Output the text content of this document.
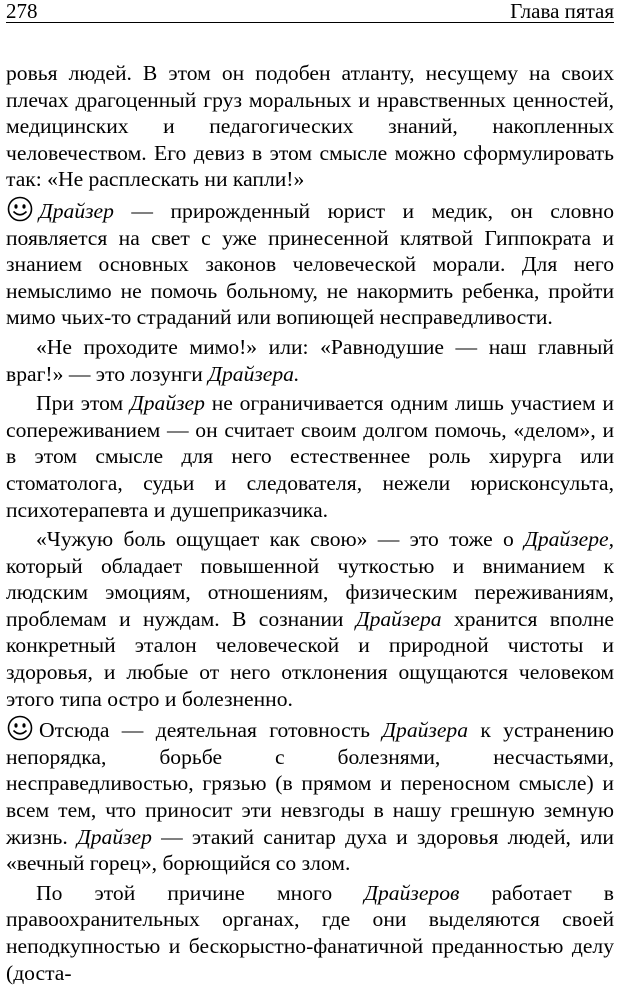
278	Глава пятая

ровья людей. В этом он подобен атланту, несущему на своих плечах драгоценный груз моральных и нравственных ценностей, медицинских и педагогических знаний, накопленных человечеством. Его девиз в этом смысле можно сформулировать так: «Не расплескать ни капли!»

Драйзер — прирожденный юрист и медик, он словно появляется на свет с уже принесенной клятвой Гиппократа и знанием основных законов человеческой морали. Для него немыслимо не помочь больному, не накормить ребенка, пройти мимо чьих-то страданий или вопиющей несправедливости.

«Не проходите мимо!» или: «Равнодушие — наш главный враг!» — это лозунги Драйзера.

При этом Драйзер не ограничивается одним лишь участием и сопереживанием — он считает своим долгом помочь, «делом», и в этом смысле для него естественнее роль хирурга или стоматолога, судьи и следователя, нежели юрисконсульта, психотерапевта и душеприказчика.

«Чужую боль ощущает как свою» — это тоже о Драйзере, который обладает повышенной чуткостью и вниманием к людским эмоциям, отношениям, физическим переживаниям, проблемам и нуждам. В сознании Драйзера хранится вполне конкретный эталон человеческой и природной чистоты и здоровья, и любые от него отклонения ощущаются человеком этого типа остро и болезненно.

Отсюда — деятельная готовность Драйзера к устранению непорядка, борьбе с болезнями, несчастьями, несправедливостью, грязью (в прямом и переносном смысле) и всем тем, что приносит эти невзгоды в нашу грешную земную жизнь. Драйзер — этакий санитар духа и здоровья людей, или «вечный горец», борющийся со злом.

По этой причине много Драйзеров работает в правоохранительных органах, где они выделяются своей неподкупностью и бескорыстно-фанатичной преданностью делу (доста-
